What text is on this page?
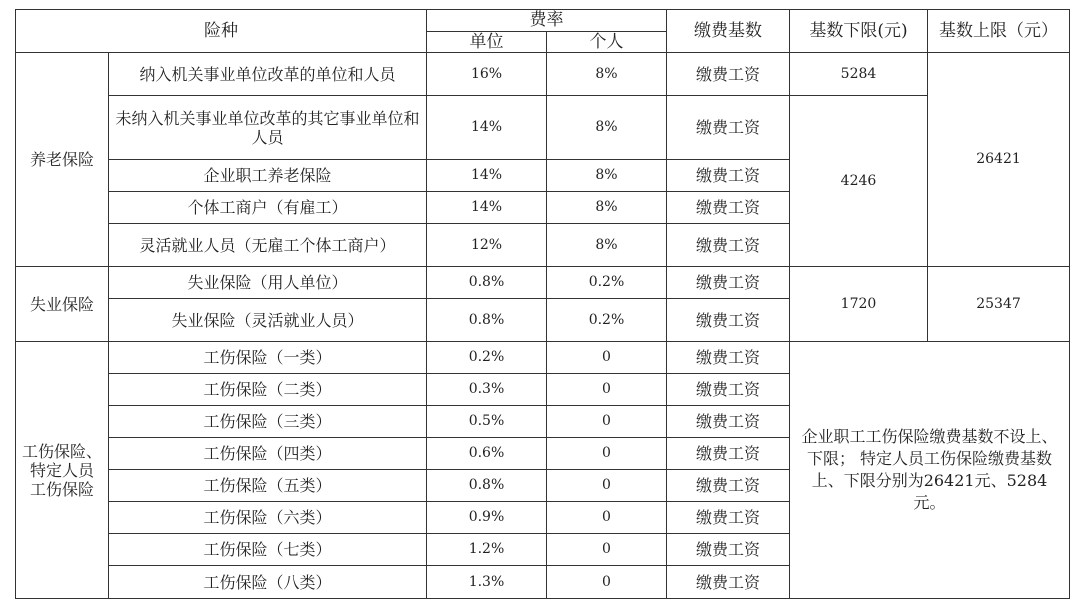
险种		费率		缴费基数	基数下限(元)	基数上限（元）
		单位	个人			
养老保险	纳入机关事业单位改革的单位和人员	16%	8%	缴费工资	5284	26421
	未纳入机关事业单位改革的其它事业单位和人员	14%	8%	缴费工资	4246	
	企业职工养老保险	14%	8%	缴费工资		
	个体工商户（有雇工）	14%	8%	缴费工资		
	灵活就业人员（无雇工个体工商户）	12%	8%	缴费工资		
失业保险	失业保险（用人单位）	0.8%	0.2%	缴费工资	1720	25347
	失业保险（灵活就业人员）	0.8%	0.2%	缴费工资		

工伤保险、
特定人员
工伤保险	工伤保险（一类）	0.2%	0	缴费工资	企业职工工伤保险缴费基数不设上、下限； 特定人员工伤保险缴费基数上、下限分别为26421元、5284元。	
	工伤保险（二类）	0.3%	0	缴费工资		
	工伤保险（三类）	0.5%	0	缴费工资		
	工伤保险（四类）	0.6%	0	缴费工资		
	工伤保险（五类）	0.8%	0	缴费工资		
	工伤保险（六类）	0.9%	0	缴费工资		
	工伤保险（七类）	1.2%	0	缴费工资		
	工伤保险（八类）	1.3%	0	缴费工资		
